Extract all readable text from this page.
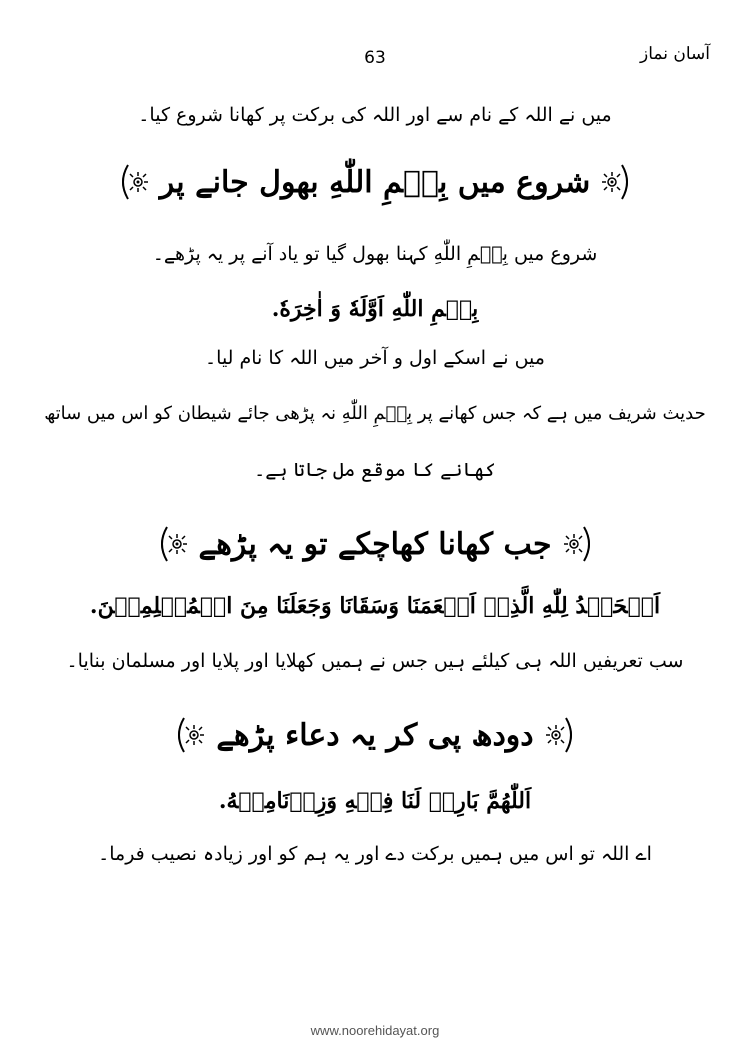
63	آسان نماز
میں نے اللہ کے نام سے اور اللہ کی برکت پر کھانا شروع کیا۔
شروع میں بِسۡمِ اللّٰهِ بھول جانے پر
شروع میں بِسۡمِ اللّٰهِ کہنا بھول گیا تو یاد آنے پر یہ پڑھے۔
بِسۡمِ اللّٰهِ اَوَّلَهٗ وَ اٰخِرَهٗ.
میں نے اسکے اول و آخر میں اللہ کا نام لیا۔
حدیث شریف میں ہے کہ جس کھانے پر بِسۡمِ اللّٰهِ نہ پڑھی جائے شیطان کو اس میں ساتھ
کھانے کا موقع مل جاتا ہے۔
جب کھانا کھاچکے تو یہ پڑھے
اَلۡحَمۡدُ لِلّٰهِ الَّذِیۡ اَطۡعَمَنَا وَسَقَانَا وَجَعَلَنَا مِنَ الۡمُسۡلِمِیۡنَ.
سب تعریفیں اللہ ہی کیلئے ہیں جس نے ہمیں کھلایا اور پلایا اور مسلمان بنایا۔
دودھ پی کر یہ دعاء پڑھے
اَللّٰهُمَّ بَارِکۡ لَنَا فِیۡهِ وَزِدۡنَامِنۡهُ.
اے اللہ تو اس میں ہمیں برکت دے اور یہ ہم کو اور زیادہ نصیب فرما۔
www.noorehidayat.org
